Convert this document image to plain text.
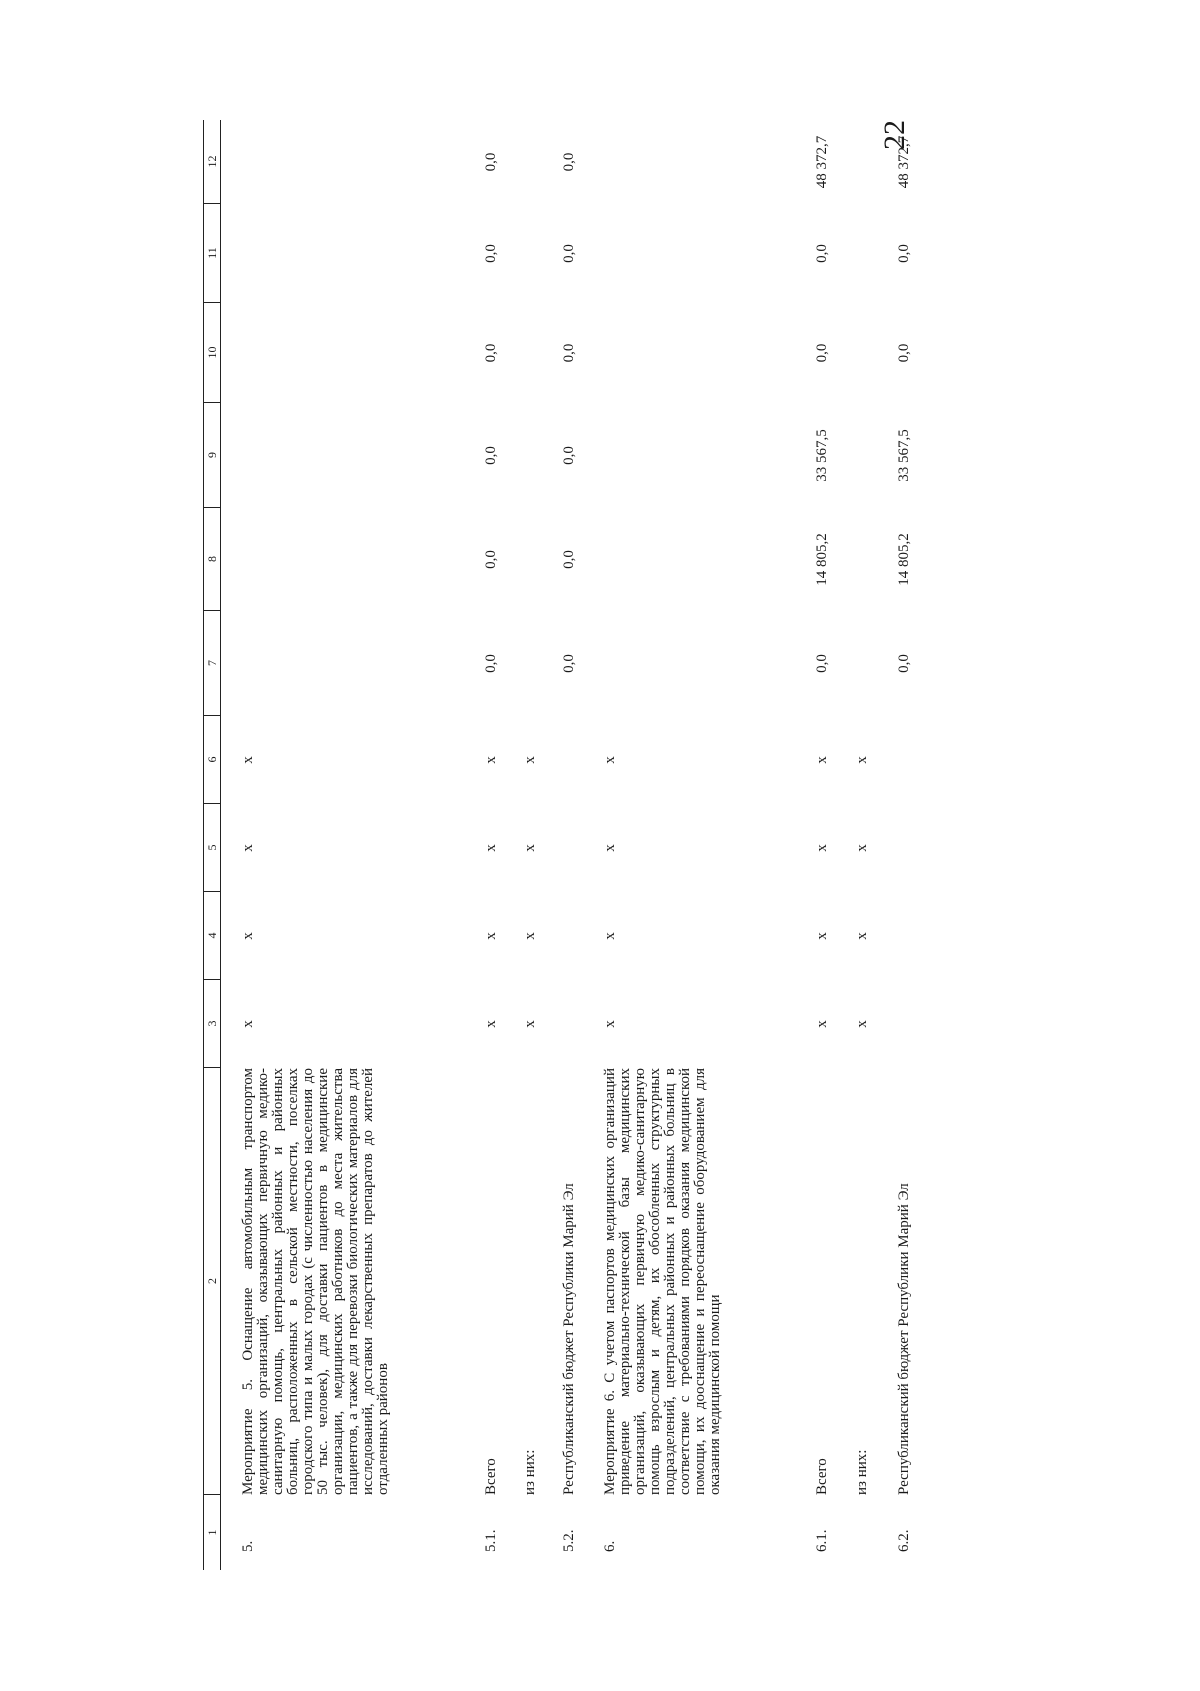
22
1
2
3
4
5
6
7
8
9
10
11
12
5.
Мероприятие 5. Оснащение автомобильным транспортом медицинских организаций, оказывающих первичную медико-санитарную помощь, центральных районных и районных больниц, расположенных в сельской местности, поселках городского типа и малых городах (с численностью населения до 50 тыс. человек), для доставки пациентов в медицинские организации, медицинских работников до места жительства пациентов, а также для перевозки биологических материалов для исследований, доставки лекарственных препаратов до жителей отдаленных районов
x
x
x
x
5.1.
Всего
x
x
x
x
0,0
0,0
0,0
0,0
0,0
0,0
из них:
x
x
x
x
5.2.
Республиканский бюджет Республики Марий Эл
0,0
0,0
0,0
0,0
0,0
0,0
6.
Мероприятие 6. С учетом паспортов медицинских организаций приведение материально-технической базы медицинских организаций, оказывающих первичную медико-санитарную помощь взрослым и детям, их обособленных структурных подразделений, центральных районных и районных больниц в соответствие с требованиями порядков оказания медицинской помощи, их дооснащение и переоснащение оборудованием для оказания медицинской помощи
x
x
x
x
6.1.
Всего
x
x
x
x
0,0
14 805,2
33 567,5
0,0
0,0
48 372,7
из них:
x
x
x
x
6.2.
Республиканский бюджет Республики Марий Эл
0,0
14 805,2
33 567,5
0,0
0,0
48 372,7
